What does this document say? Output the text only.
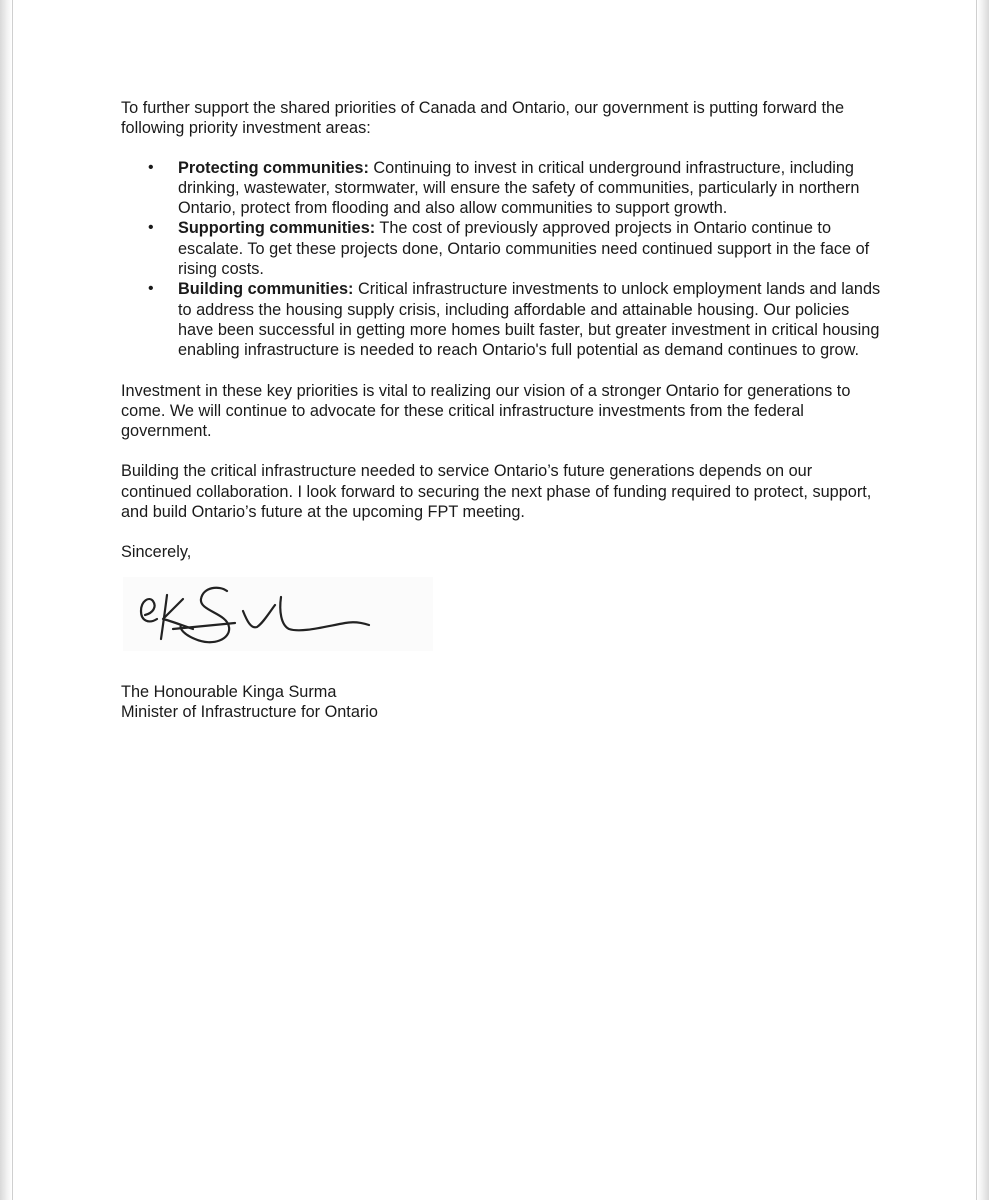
To further support the shared priorities of Canada and Ontario, our government is putting forward the following priority investment areas:

• Protecting communities: Continuing to invest in critical underground infrastructure, including drinking, wastewater, stormwater, will ensure the safety of communities, particularly in northern Ontario, protect from flooding and also allow communities to support growth.
• Supporting communities: The cost of previously approved projects in Ontario continue to escalate. To get these projects done, Ontario communities need continued support in the face of rising costs.
• Building communities: Critical infrastructure investments to unlock employment lands and lands to address the housing supply crisis, including affordable and attainable housing. Our policies have been successful in getting more homes built faster, but greater investment in critical housing enabling infrastructure is needed to reach Ontario's full potential as demand continues to grow.

Investment in these key priorities is vital to realizing our vision of a stronger Ontario for generations to come. We will continue to advocate for these critical infrastructure investments from the federal government.

Building the critical infrastructure needed to service Ontario’s future generations depends on our continued collaboration. I look forward to securing the next phase of funding required to protect, support, and build Ontario’s future at the upcoming FPT meeting.

Sincerely,

The Honourable Kinga Surma
Minister of Infrastructure for Ontario
